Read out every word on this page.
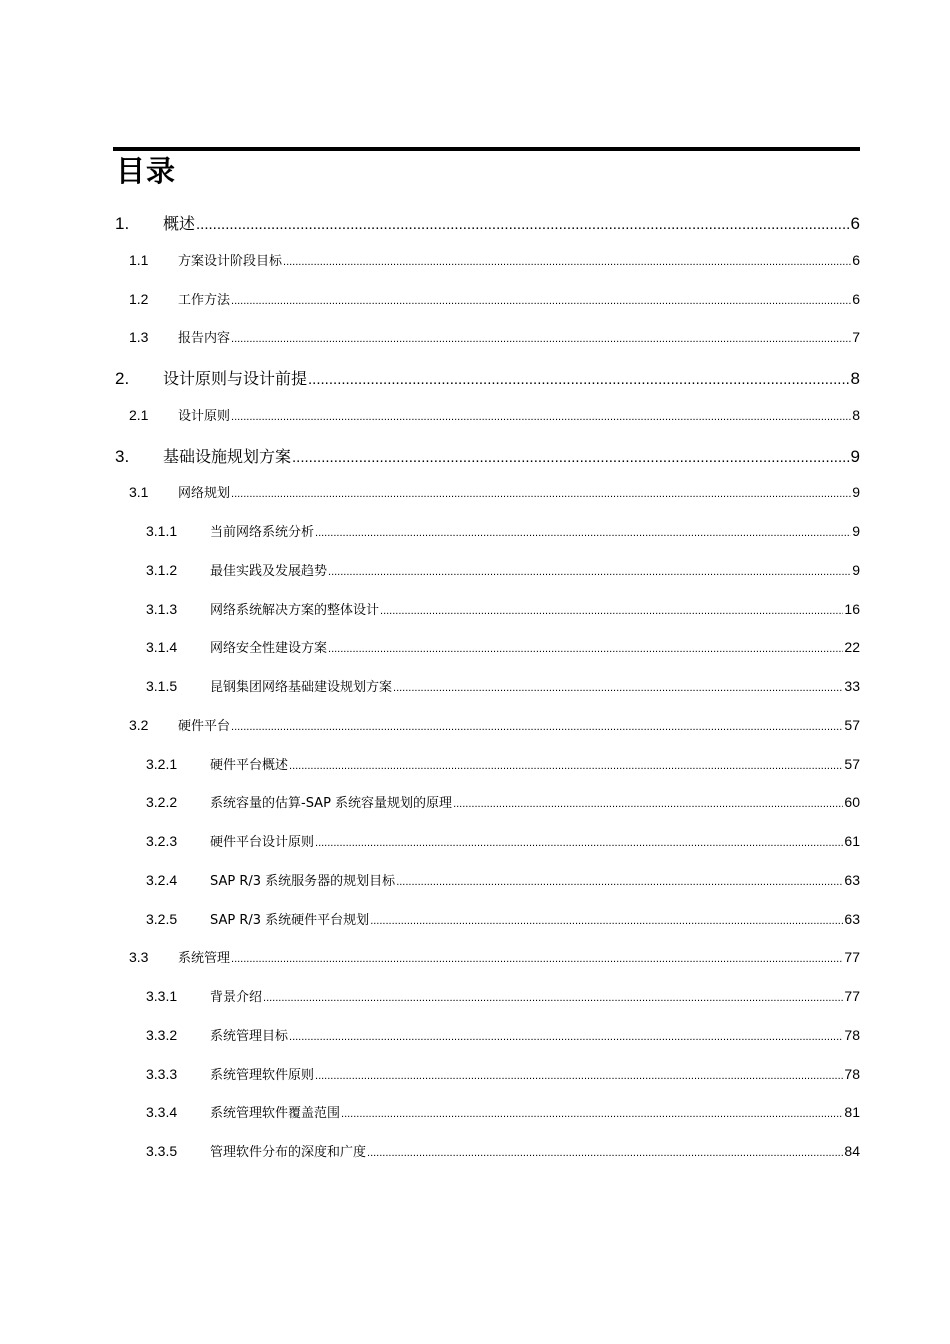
目录
1.	概述 .....	6
1.1	方案设计阶段目标 .....	6
1.2	工作方法 .....	6
1.3	报告内容 .....	7
2.	设计原则与设计前提 .....	8
2.1	设计原则 .....	8
3.	基础设施规划方案 .....	9
3.1	网络规划 .....	9
3.1.1	当前网络系统分析 .....	9
3.1.2	最佳实践及发展趋势 .....	9
3.1.3	网络系统解决方案的整体设计 .....	16
3.1.4	网络安全性建设方案 .....	22
3.1.5	昆钢集团网络基础建设规划方案 .....	33
3.2	硬件平台 .....	57
3.2.1	硬件平台概述 .....	57
3.2.2	系统容量的估算-SAP 系统容量规划的原理 .....	60
3.2.3	硬件平台设计原则 .....	61
3.2.4	SAP R/3 系统服务器的规划目标 .....	63
3.2.5	SAP R/3 系统硬件平台规划 .....	63
3.3	系统管理 .....	77
3.3.1	背景介绍 .....	77
3.3.2	系统管理目标 .....	78
3.3.3	系统管理软件原则 .....	78
3.3.4	系统管理软件覆盖范围 .....	81
3.3.5	管理软件分布的深度和广度 .....	84
